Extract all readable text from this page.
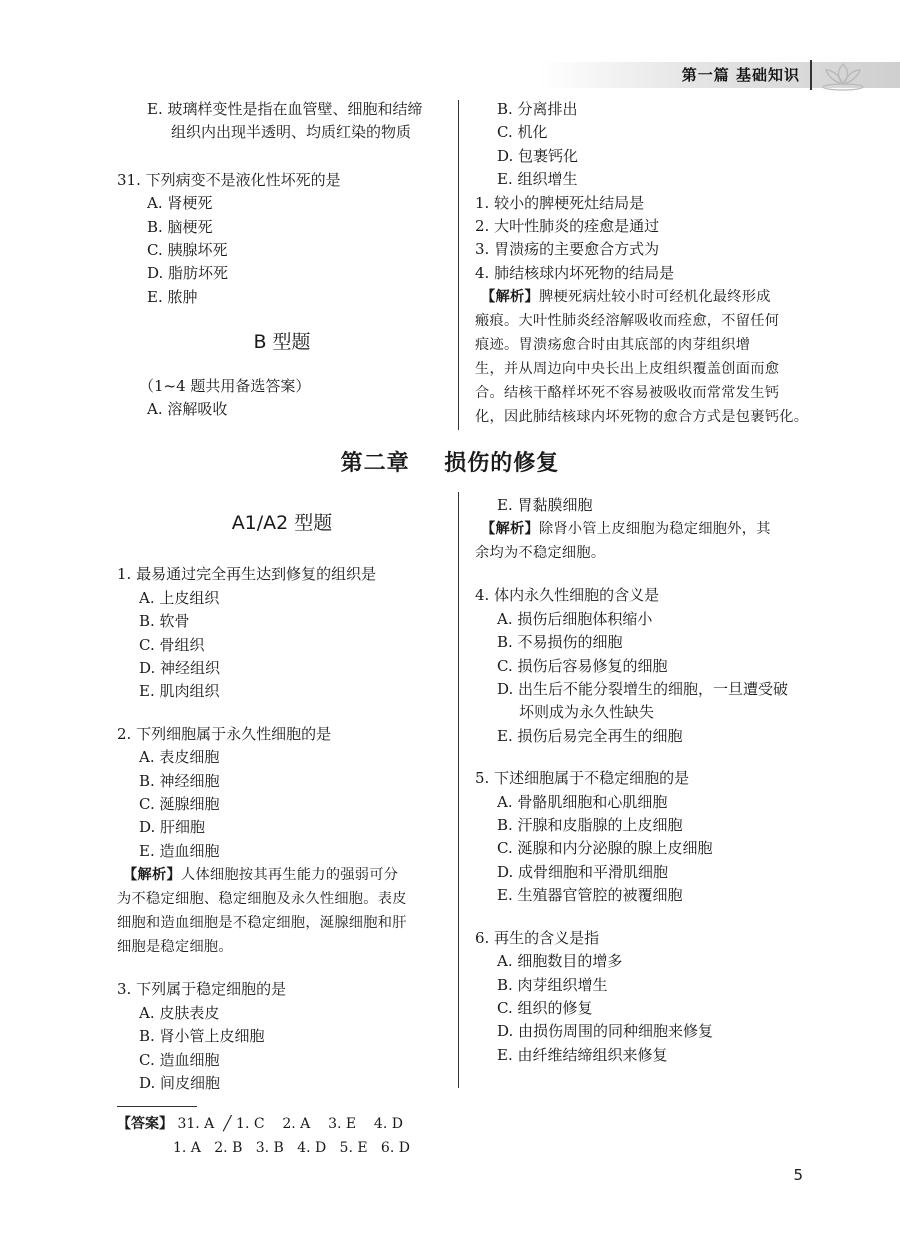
第一篇 基础知识
E. 玻璃样变性是指在血管壁、细胞和结缔
组织内出现半透明、均质红染的物质
31. 下列病变不是液化性坏死的是
A. 肾梗死
B. 脑梗死
C. 胰腺坏死
D. 脂肪坏死
E. 脓肿
B 型题
（1~4 题共用备选答案）
A. 溶解吸收
B. 分离排出
C. 机化
D. 包裹钙化
E. 组织增生
1. 较小的脾梗死灶结局是
2. 大叶性肺炎的痊愈是通过
3. 胃溃疡的主要愈合方式为
4. 肺结核球内坏死物的结局是
【解析】脾梗死病灶较小时可经机化最终形成
瘢痕。大叶性肺炎经溶解吸收而痊愈，不留任何
痕迹。胃溃疡愈合时由其底部的肉芽组织增
生，并从周边向中央长出上皮组织覆盖创面而愈
合。结核干酪样坏死不容易被吸收而常常发生钙
化，因此肺结核球内坏死物的愈合方式是包裹钙化。
第二章    损伤的修复
A1/A2 型题
1. 最易通过完全再生达到修复的组织是
A. 上皮组织
B. 软骨
C. 骨组织
D. 神经组织
E. 肌肉组织
2. 下列细胞属于永久性细胞的是
A. 表皮细胞
B. 神经细胞
C. 涎腺细胞
D. 肝细胞
E. 造血细胞
【解析】人体细胞按其再生能力的强弱可分
为不稳定细胞、稳定细胞及永久性细胞。表皮
细胞和造血细胞是不稳定细胞，涎腺细胞和肝
细胞是稳定细胞。
3. 下列属于稳定细胞的是
A. 皮肤表皮
B. 肾小管上皮细胞
C. 造血细胞
D. 间皮细胞
E. 胃黏膜细胞
【解析】除肾小管上皮细胞为稳定细胞外，其
余均为不稳定细胞。
4. 体内永久性细胞的含义是
A. 损伤后细胞体积缩小
B. 不易损伤的细胞
C. 损伤后容易修复的细胞
D. 出生后不能分裂增生的细胞，一旦遭受破
坏则成为永久性缺失
E. 损伤后易完全再生的细胞
5. 下述细胞属于不稳定细胞的是
A. 骨骼肌细胞和心肌细胞
B. 汗腺和皮脂腺的上皮细胞
C. 涎腺和内分泌腺的腺上皮细胞
D. 成骨细胞和平滑肌细胞
E. 生殖器官管腔的被覆细胞
6. 再生的含义是指
A. 细胞数目的增多
B. 肉芽组织增生
C. 组织的修复
D. 由损伤周围的同种细胞来修复
E. 由纤维结缔组织来修复
【答案】 31. A  ╱ 1. C    2. A    3. E    4. D
1. A   2. B   3. B   4. D   5. E   6. D
5
